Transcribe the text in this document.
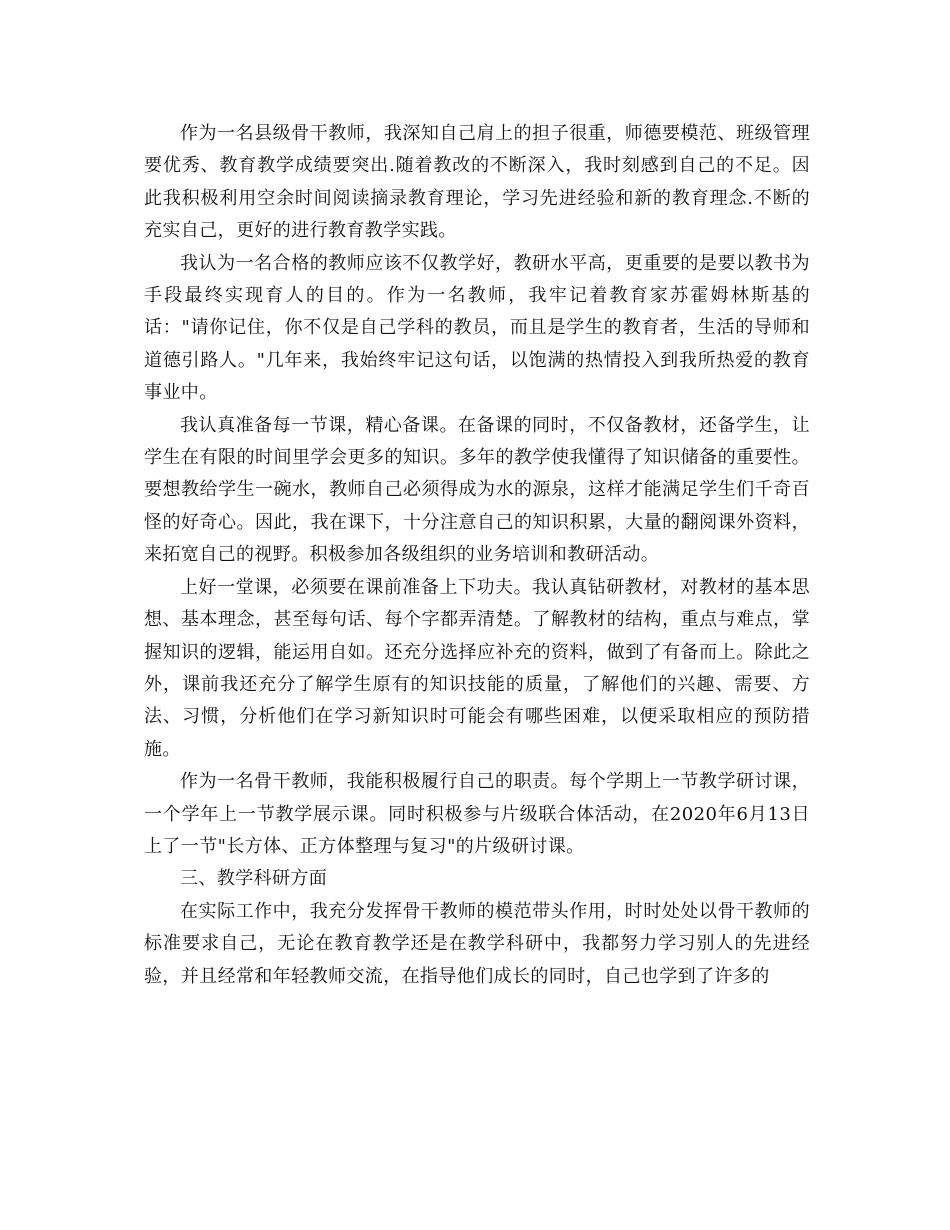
作为一名县级骨干教师，我深知自己肩上的担子很重，师德要模范、班级管理要优秀、教育教学成绩要突出.随着教改的不断深入，我时刻感到自己的不足。因此我积极利用空余时间阅读摘录教育理论，学习先进经验和新的教育理念.不断的充实自己，更好的进行教育教学实践。

我认为一名合格的教师应该不仅教学好，教研水平高，更重要的是要以教书为手段最终实现育人的目的。作为一名教师，我牢记着教育家苏霍姆林斯基的话："请你记住，你不仅是自己学科的教员，而且是学生的教育者，生活的导师和道德引路人。"几年来，我始终牢记这句话，以饱满的热情投入到我所热爱的教育事业中。

我认真准备每一节课，精心备课。在备课的同时，不仅备教材，还备学生，让学生在有限的时间里学会更多的知识。多年的教学使我懂得了知识储备的重要性。要想教给学生一碗水，教师自己必须得成为水的源泉，这样才能满足学生们千奇百怪的好奇心。因此，我在课下，十分注意自己的知识积累，大量的翻阅课外资料，来拓宽自己的视野。积极参加各级组织的业务培训和教研活动。

上好一堂课，必须要在课前准备上下功夫。我认真钻研教材，对教材的基本思想、基本理念，甚至每句话、每个字都弄清楚。了解教材的结构，重点与难点，掌握知识的逻辑，能运用自如。还充分选择应补充的资料，做到了有备而上。除此之外，课前我还充分了解学生原有的知识技能的质量，了解他们的兴趣、需要、方法、习惯，分析他们在学习新知识时可能会有哪些困难，以便采取相应的预防措施。

作为一名骨干教师，我能积极履行自己的职责。每个学期上一节教学研讨课，一个学年上一节教学展示课。同时积极参与片级联合体活动，在2020年6月13日上了一节"长方体、正方体整理与复习"的片级研讨课。

三、教学科研方面

在实际工作中，我充分发挥骨干教师的模范带头作用，时时处处以骨干教师的标准要求自己，无论在教育教学还是在教学科研中，我都努力学习别人的先进经验，并且经常和年轻教师交流，在指导他们成长的同时，自己也学到了许多的
